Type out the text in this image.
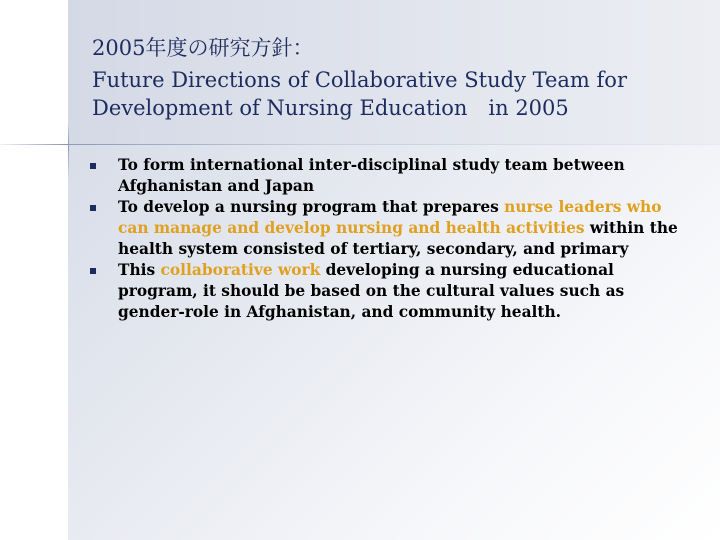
2005年度の研究方針：
Future Directions of Collaborative Study Team for Development of Nursing Education　in 2005
To form international inter-disciplinal study team between Afghanistan and Japan
To develop a nursing program that prepares nurse leaders who can manage and develop nursing and health activities within the health system consisted of tertiary, secondary, and primary
This collaborative work developing a nursing educational program, it should be based on the cultural values such as gender-role in Afghanistan, and community health.
